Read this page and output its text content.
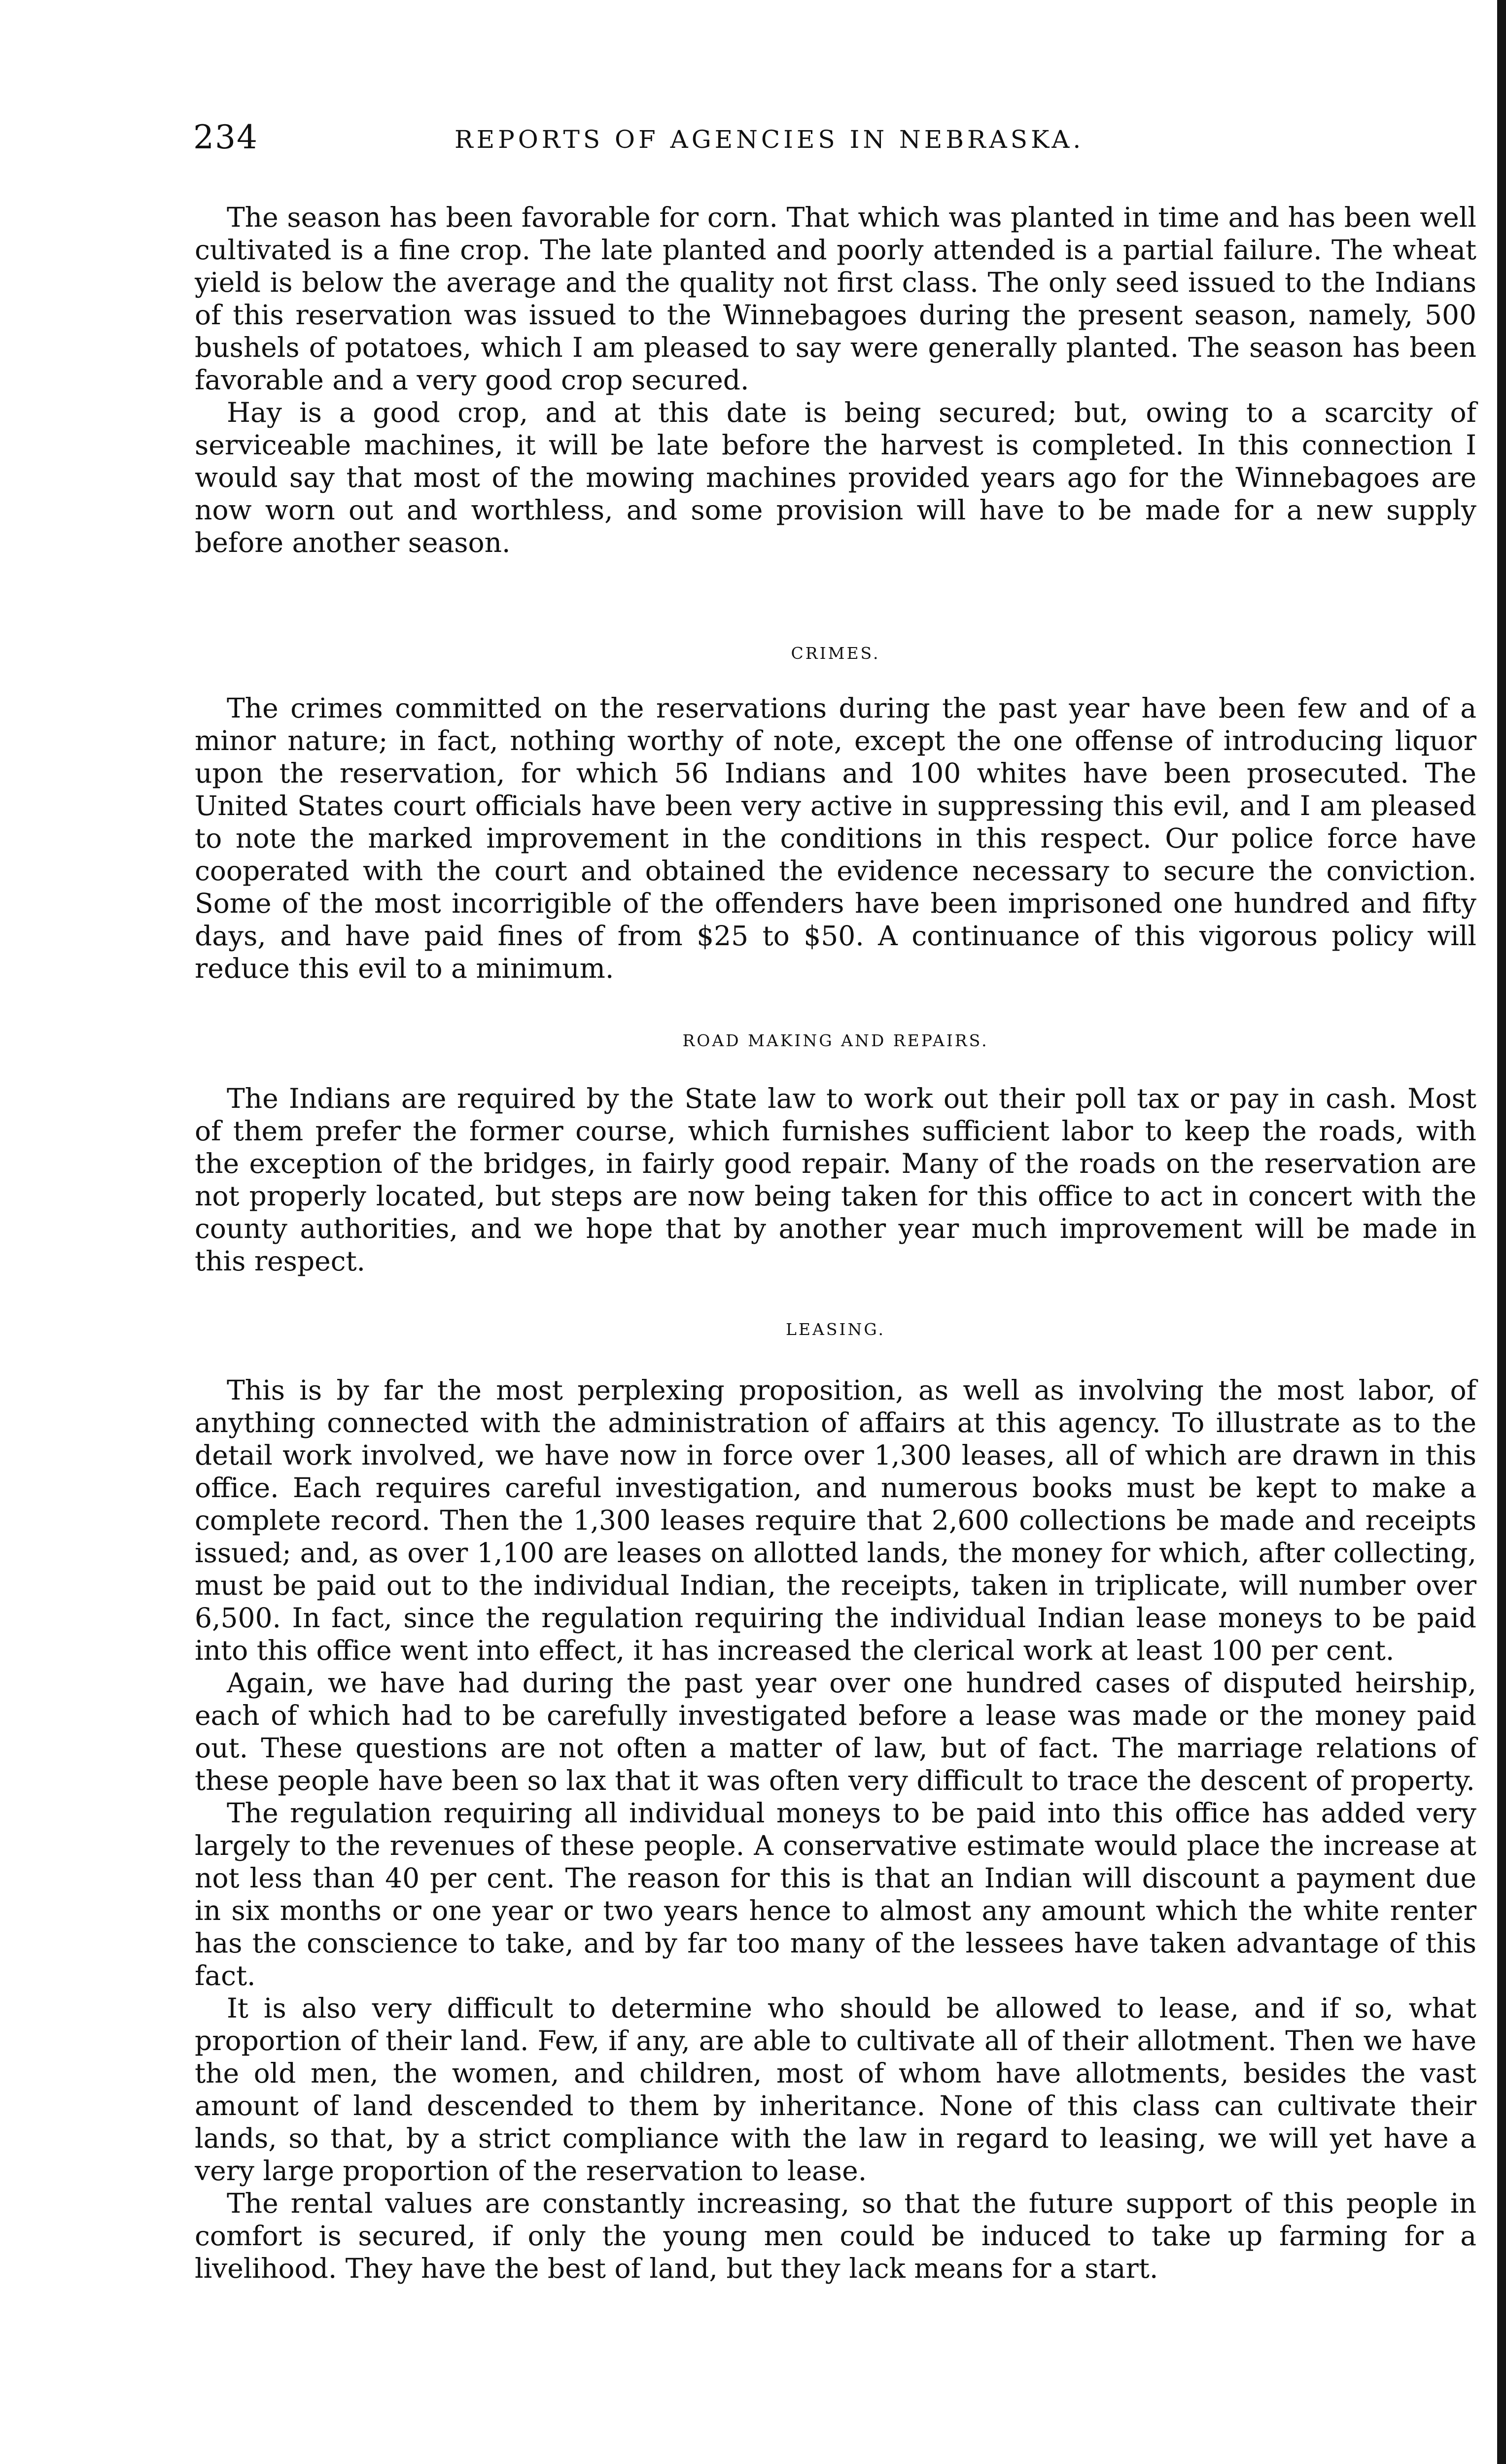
234	REPORTS OF AGENCIES IN NEBRASKA.

The season has been favorable for corn. That which was planted in time and has been well cultivated is a fine crop. The late planted and poorly attended is a partial failure. The wheat yield is below the average and the quality not first class. The only seed issued to the Indians of this reservation was issued to the Winnebagoes during the present season, namely, 500 bushels of potatoes, which I am pleased to say were generally planted. The season has been favorable and a very good crop secured.

Hay is a good crop, and at this date is being secured; but, owing to a scarcity of serviceable machines, it will be late before the harvest is completed. In this connection I would say that most of the mowing machines provided years ago for the Winnebagoes are now worn out and worthless, and some provision will have to be made for a new supply before another season.

CRIMES.

The crimes committed on the reservations during the past year have been few and of a minor nature; in fact, nothing worthy of note, except the one offense of introducing liquor upon the reservation, for which 56 Indians and 100 whites have been prosecuted. The United States court officials have been very active in suppressing this evil, and I am pleased to note the marked improvement in the conditions in this respect. Our police force have cooperated with the court and obtained the evidence necessary to secure the conviction. Some of the most incorrigible of the offenders have been imprisoned one hundred and fifty days, and have paid fines of from $25 to $50. A continuance of this vigorous policy will reduce this evil to a minimum.

ROAD MAKING AND REPAIRS.

The Indians are required by the State law to work out their poll tax or pay in cash. Most of them prefer the former course, which furnishes sufficient labor to keep the roads, with the exception of the bridges, in fairly good repair. Many of the roads on the reservation are not properly located, but steps are now being taken for this office to act in concert with the county authorities, and we hope that by another year much improvement will be made in this respect.

LEASING.

This is by far the most perplexing proposition, as well as involving the most labor, of anything connected with the administration of affairs at this agency. To illustrate as to the detail work involved, we have now in force over 1,300 leases, all of which are drawn in this office. Each requires careful investigation, and numerous books must be kept to make a complete record. Then the 1,300 leases require that 2,600 collections be made and receipts issued; and, as over 1,100 are leases on allotted lands, the money for which, after collecting, must be paid out to the individual Indian, the receipts, taken in triplicate, will number over 6,500. In fact, since the regulation requiring the individual Indian lease moneys to be paid into this office went into effect, it has increased the clerical work at least 100 per cent.

Again, we have had during the past year over one hundred cases of disputed heirship, each of which had to be carefully investigated before a lease was made or the money paid out. These questions are not often a matter of law, but of fact. The marriage relations of these people have been so lax that it was often very difficult to trace the descent of property.

The regulation requiring all individual moneys to be paid into this office has added very largely to the revenues of these people. A conservative estimate would place the increase at not less than 40 per cent. The reason for this is that an Indian will discount a payment due in six months or one year or two years hence to almost any amount which the white renter has the conscience to take, and by far too many of the lessees have taken advantage of this fact.

It is also very difficult to determine who should be allowed to lease, and if so, what proportion of their land. Few, if any, are able to cultivate all of their allotment. Then we have the old men, the women, and children, most of whom have allotments, besides the vast amount of land descended to them by inheritance. None of this class can cultivate their lands, so that, by a strict compliance with the law in regard to leasing, we will yet have a very large proportion of the reservation to lease.

The rental values are constantly increasing, so that the future support of this people in comfort is secured, if only the young men could be induced to take up farming for a livelihood. They have the best of land, but they lack means for a start.
